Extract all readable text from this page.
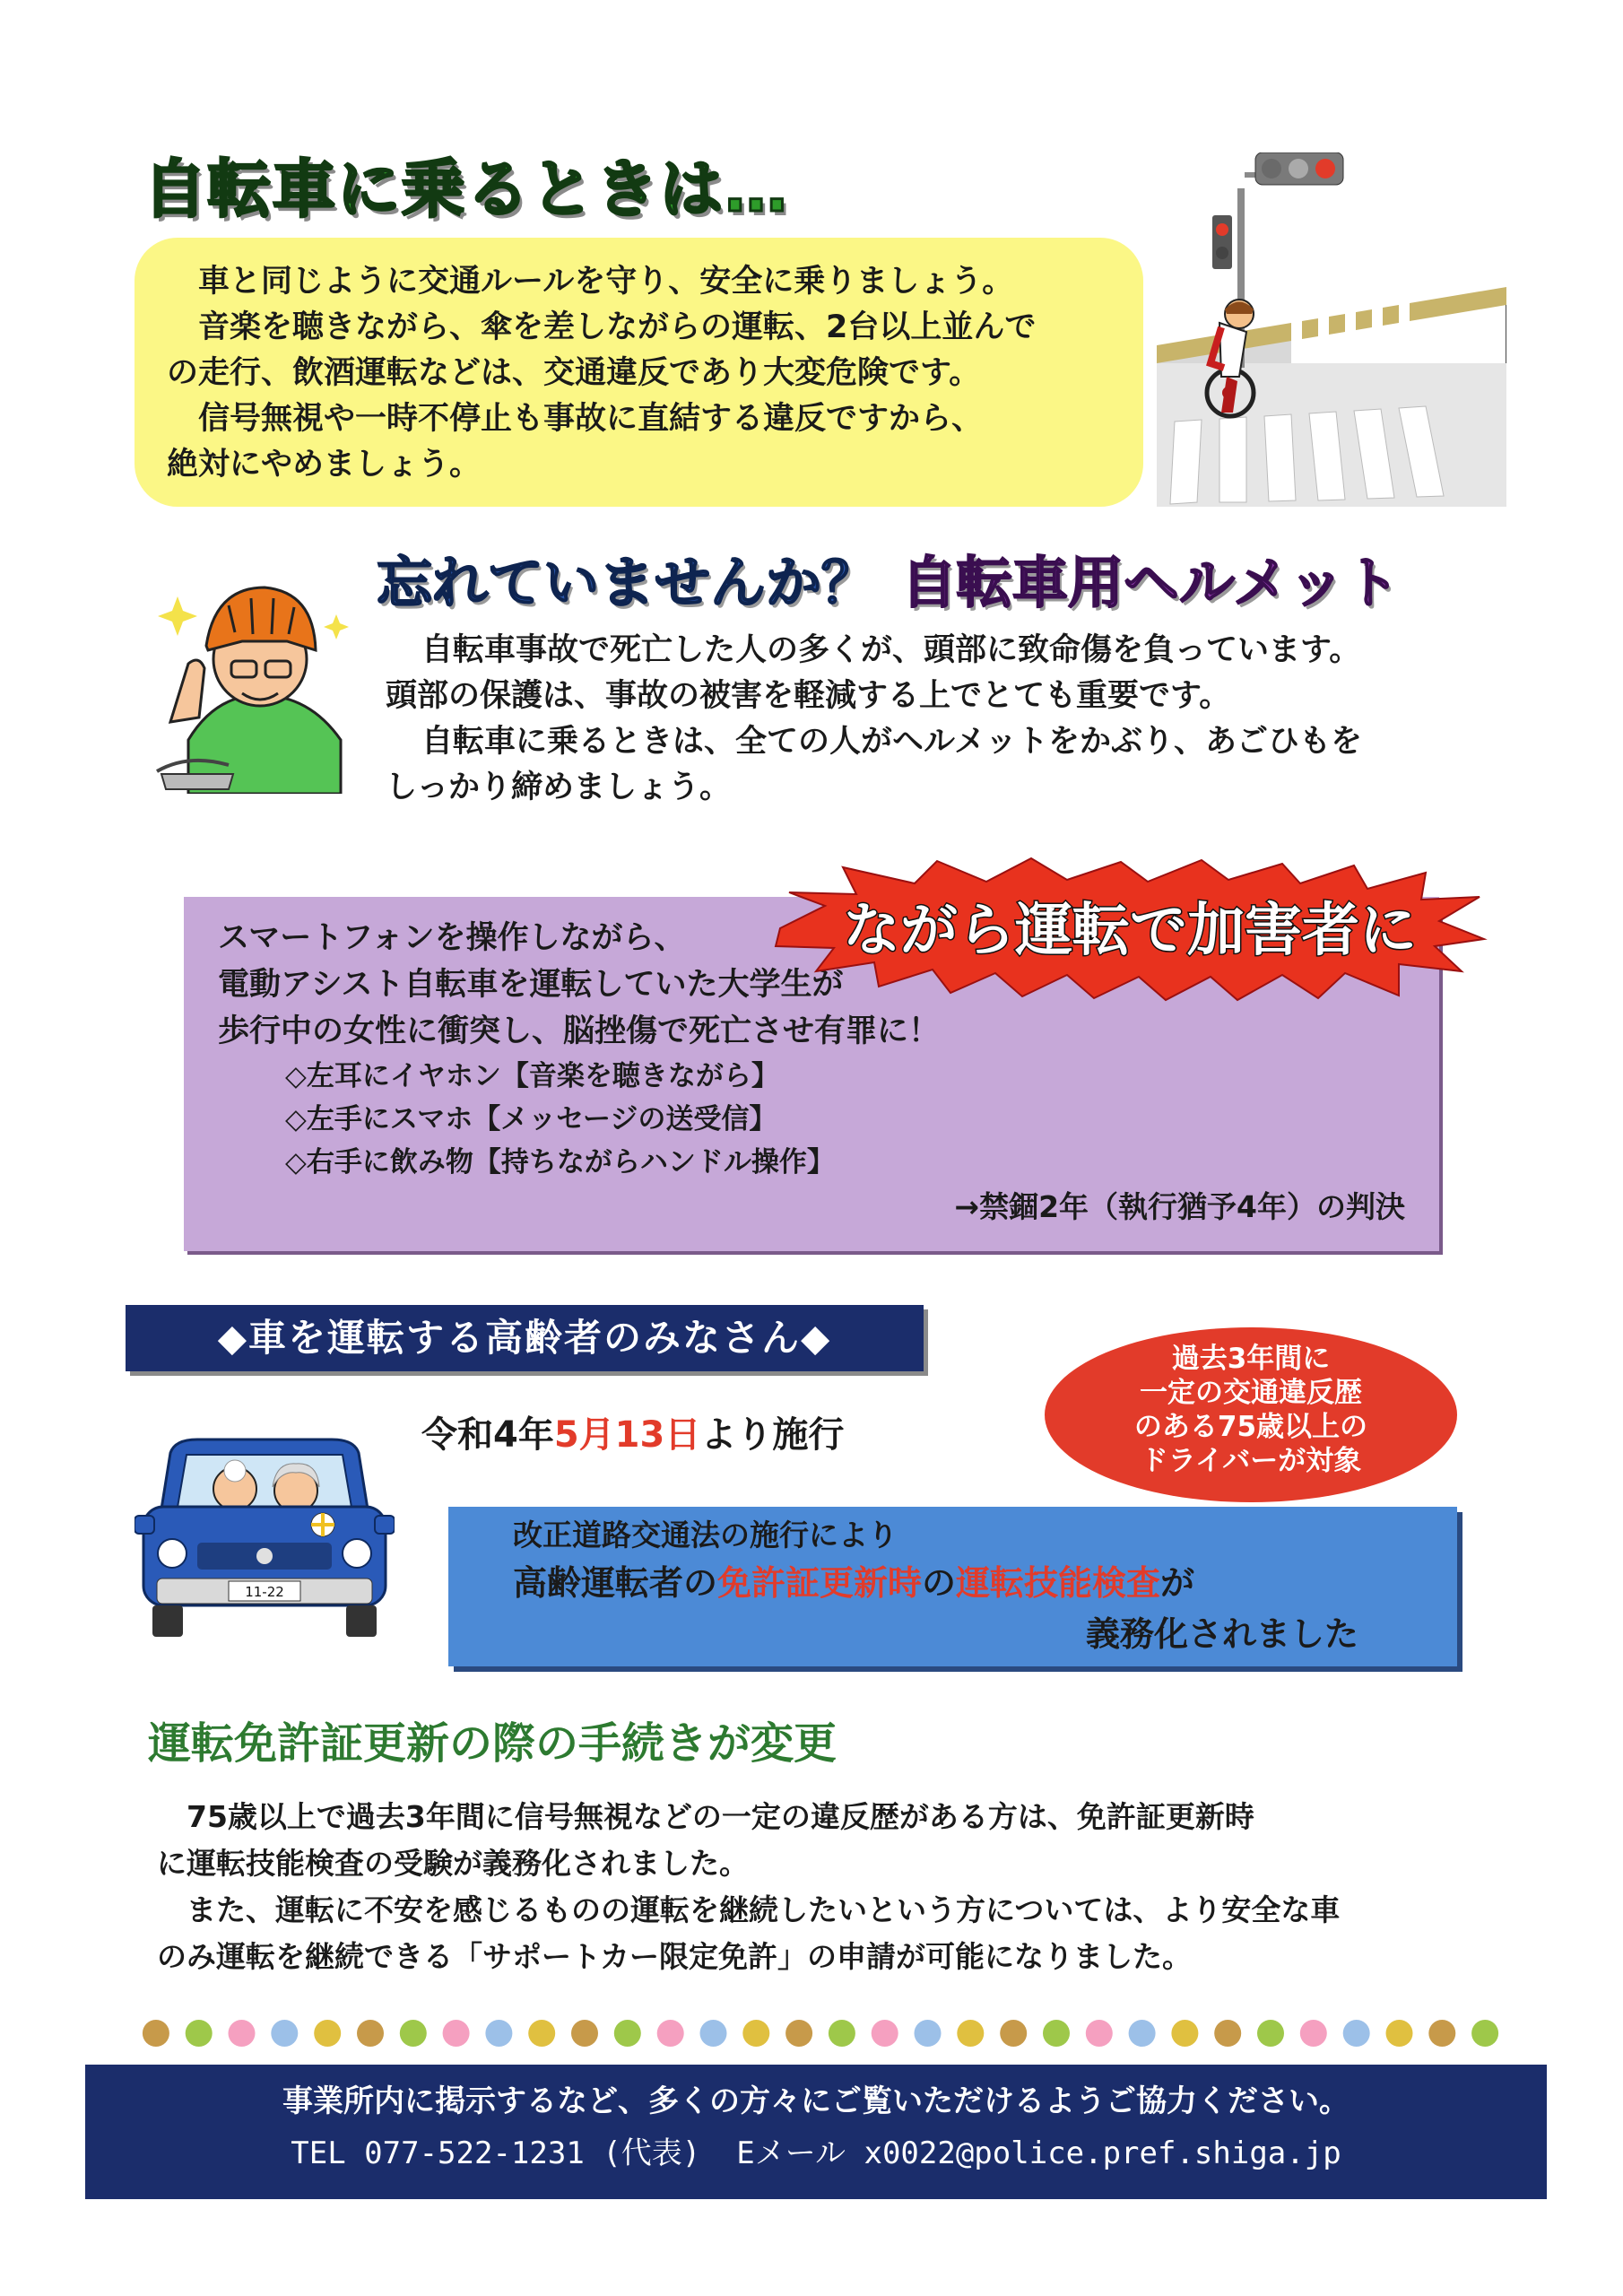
自転車に乗るときは…

車と同じように交通ルールを守り、安全に乗りましょう。

音楽を聴きながら、傘を差しながらの運転、2台以上並んで

の走行、飲酒運転などは、交通違反であり大変危険です。

信号無視や一時不停止も事故に直結する違反ですから、

絶対にやめましょう。

忘れていませんか？ 自転車用ヘルメット

自転車事故で死亡した人の多くが、頭部に致命傷を負っています。

頭部の保護は、事故の被害を軽減する上でとても重要です。

自転車に乗るときは、全ての人がヘルメットをかぶり、あごひもを

しっかり締めましょう。

スマートフォンを操作しながら、

電動アシスト自転車を運転していた大学生が

歩行中の女性に衝突し、脳挫傷で死亡させ有罪に！

◇左耳にイヤホン【音楽を聴きながら】

◇左手にスマホ【メッセージの送受信】

◇右手に飲み物【持ちながらハンドル操作】

→禁錮2年（執行猶予4年）の判決

ながら運転で加害者に
◆車を運転する高齢者のみなさん◆	過去3年間に
一定の交通違反歴
のある75歳以上の
ドライバーが対象
令和4年5月13日より施行
11-22
改正道路交通法の施行により
高齢運転者の免許証更新時の運転技能検査が
義務化されました
運転免許証更新の際の手続きが変更

　75歳以上で過去3年間に信号無視などの一定の違反歴がある方は、免許証更新時

に運転技能検査の受験が義務化されました。

　また、運転に不安を感じるものの運転を継続したいという方については、より安全な車

のみ運転を継続できる「サポートカー限定免許」の申請が可能になりました。

事業所内に掲示するなど、多くの方々にご覧いただけるようご協力ください。
TEL 077-522-1231 (代表) Eメール x0022@police.pref.shiga.jp
